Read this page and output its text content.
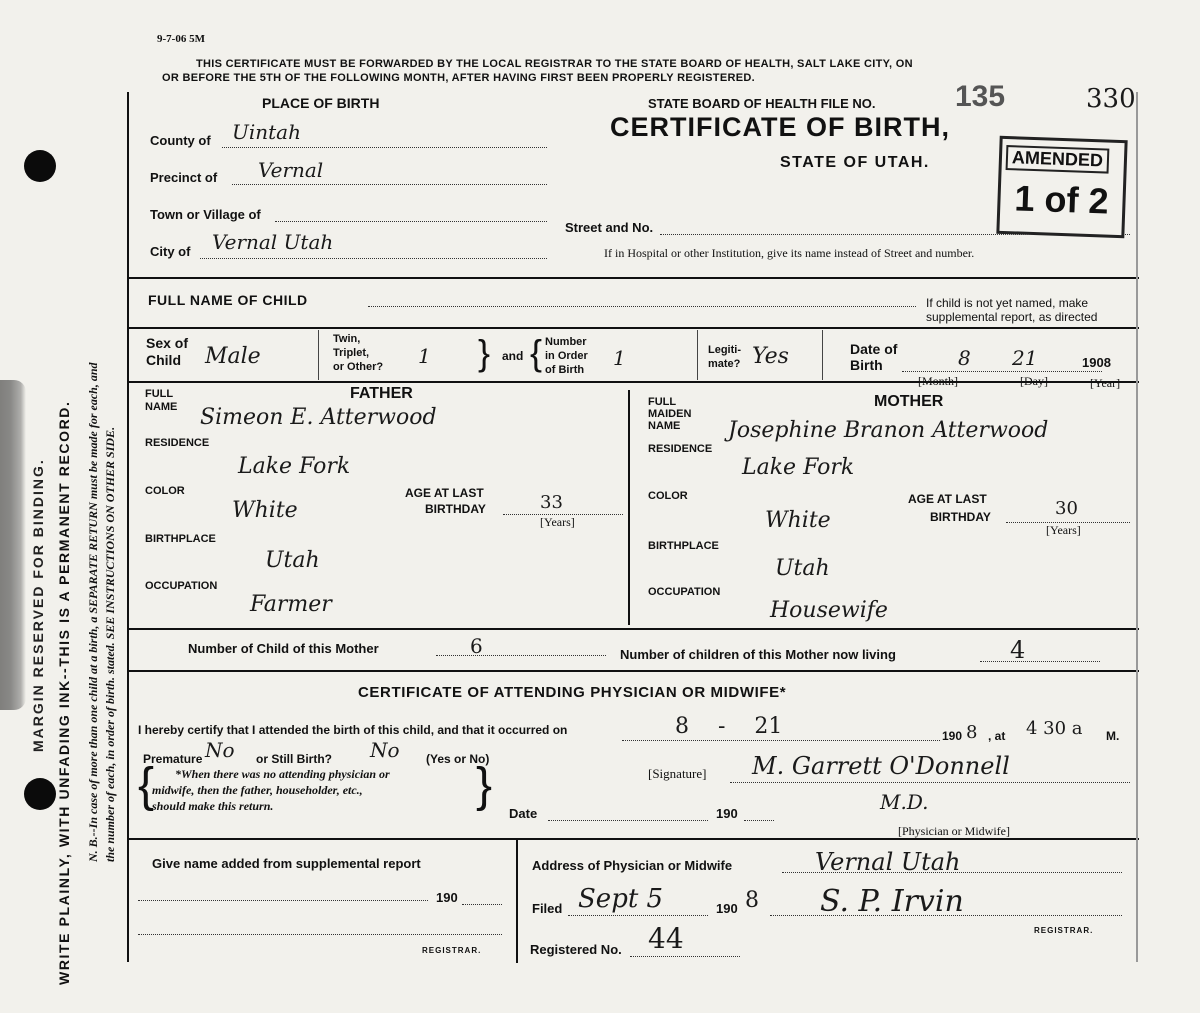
MARGIN RESERVED FOR BINDING. WRITE PLAINLY, WITH UNFADING INK--THIS IS A PERMANENT RECORD. N. B.--In case of more than one child at a birth, a SEPARATE RETURN must be made for each, and the number of each, in order of birth. stated. SEE INSTRUCTIONS ON OTHER SIDE.
9-7-06 5M
THIS CERTIFICATE MUST BE FORWARDED BY THE LOCAL REGISTRAR TO THE STATE BOARD OF HEALTH, SALT LAKE CITY, ON
OR BEFORE THE 5TH OF THE FOLLOWING MONTH, AFTER HAVING FIRST BEEN PROPERLY REGISTERED.
PLACE OF BIRTH
County of Uintah
Precinct of Vernal
Town or Village of
City of Vernal Utah
Street and No.
If in Hospital or other Institution, give its name instead of Street and number.
STATE BOARD OF HEALTH FILE NO.	135	330
CERTIFICATE OF BIRTH,
STATE OF UTAH.	AMENDED
1 of 2
FULL NAME OF CHILD	If child is not yet named, make
supplemental report, as directed
Sex of
Child Male
Twin,
Triplet,
or Other? 1 } and { Number
in Order
of Birth 1	Legiti-
mate? Yes	Date of
Birth	8 21	1908
[Month]	[Day]	[Year]
FULL
NAME
FATHER
Simeon E. Atterwood
RESIDENCE
Lake Fork
COLOR
White
AGE AT LAST
BIRTHDAY	33
[Years]
BIRTHPLACE
Utah
OCCUPATION
Farmer
FULL
MAIDEN
NAME
MOTHER
Josephine Branon Atterwood
RESIDENCE
Lake Fork
COLOR
White
AGE AT LAST
BIRTHDAY	30
[Years]
BIRTHPLACE
Utah
OCCUPATION
Housewife
Number of Child of this Mother	6	Number of children of this Mother now living	4
CERTIFICATE OF ATTENDING PHYSICIAN OR MIDWIFE*
I hereby certify that I attended the birth of this child, and that it occurred on	8 - 21	190 8 , at 4 30 a M.
Premature No or Still Birth? No (Yes or No)
{ *When there was no attending physician or
midwife, then the father, householder, etc.,
should make this return.	}	[Signature] M. Garrett O'Donnell
M.D.
[Physician or Midwife]
Date	190
Give name added from supplemental report
190
REGISTRAR.
Address of Physician or Midwife	Vernal Utah
Filed Sept 5	190 8 S. P. Irvin
REGISTRAR.
Registered No. 44
